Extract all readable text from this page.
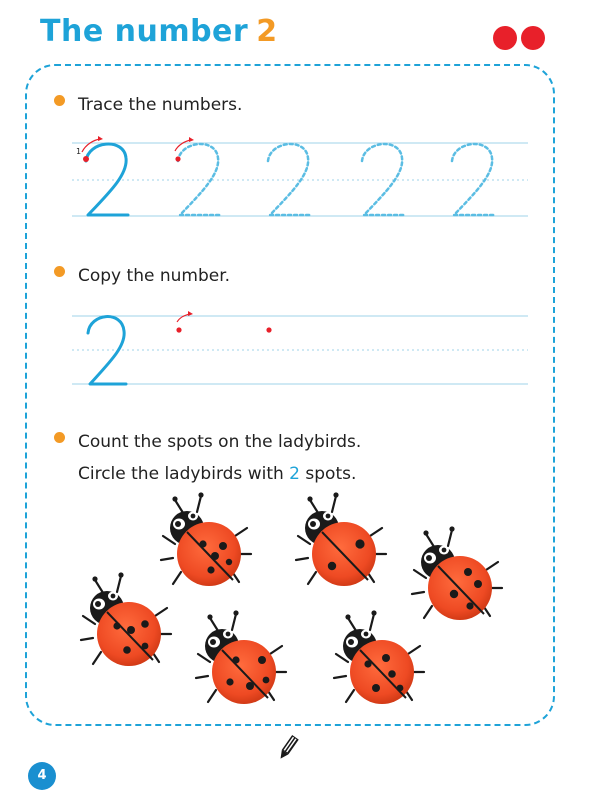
The number 2
Trace the numbers.
Copy the number.
Count the spots on the ladybirds.
Circle the ladybirds with 2 spots.
1
4
